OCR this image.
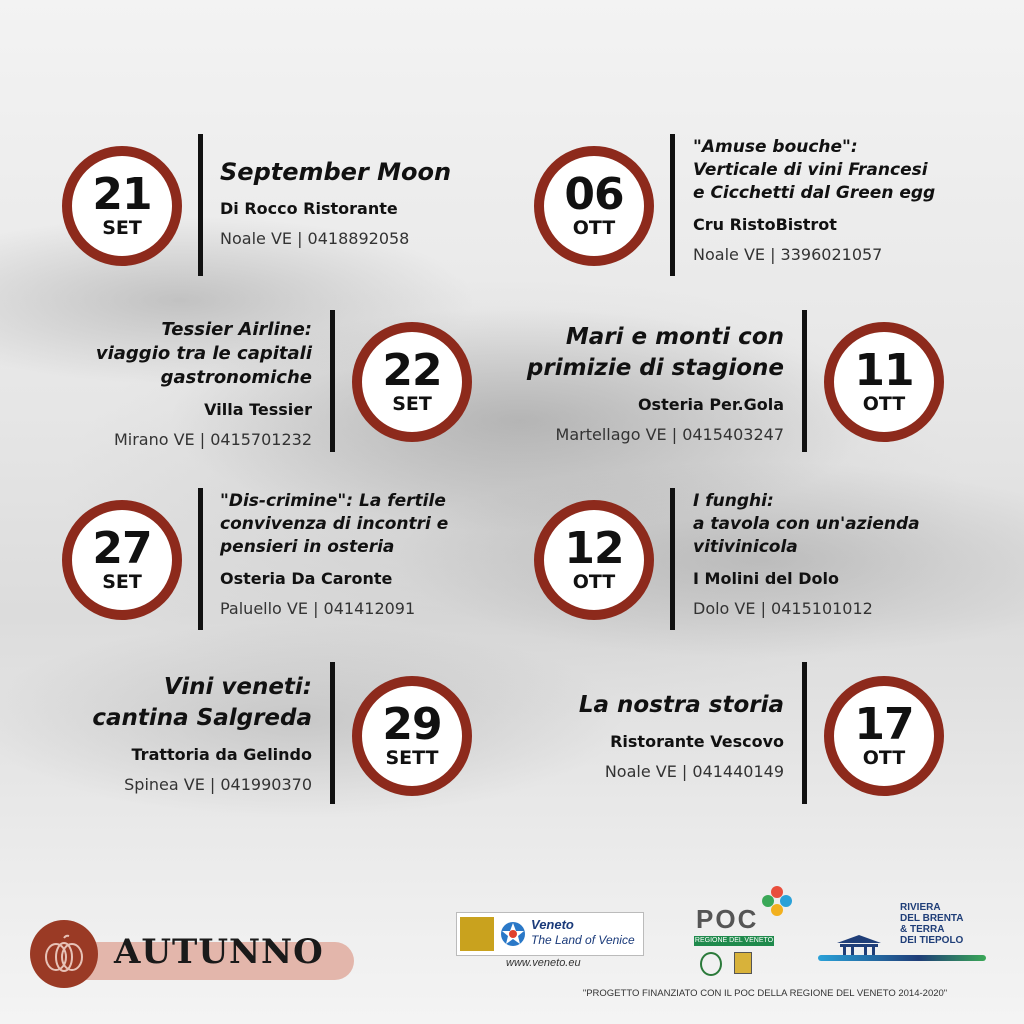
21
SET
September Moon
Di Rocco Ristorante
Noale VE | 0418892058
06
OTT
"Amuse bouche":
Verticale di vini Francesi
e Cicchetti dal Green egg
Cru RistoBistrot
Noale VE | 3396021057
Tessier Airline:
viaggio tra le capitali
gastronomiche
Villa Tessier
Mirano VE | 0415701232
22
SET
Mari e monti con
primizie di stagione
Osteria Per.Gola
Martellago VE | 0415403247
11
OTT
27
SET
"Dis-crimine": La fertile
convivenza di incontri e
pensieri in osteria
Osteria Da Caronte
Paluello VE | 041412091
12
OTT
I funghi:
a tavola con un'azienda
vitivinicola
I Molini del Dolo
Dolo VE | 0415101012
Vini veneti:
cantina Salgreda
Trattoria da Gelindo
Spinea VE | 041990370
29
SETT
La nostra storia
Ristorante Vescovo
Noale VE | 041440149
17
OTT
AUTUNNO
Veneto
The Land of Venice
www.veneto.eu
POC
REGIONE DEL VENETO
RIVIERA
DEL BRENTA
& TERRA
DEI TIEPOLO
"PROGETTO FINANZIATO CON IL POC DELLA REGIONE DEL VENETO 2014-2020"
